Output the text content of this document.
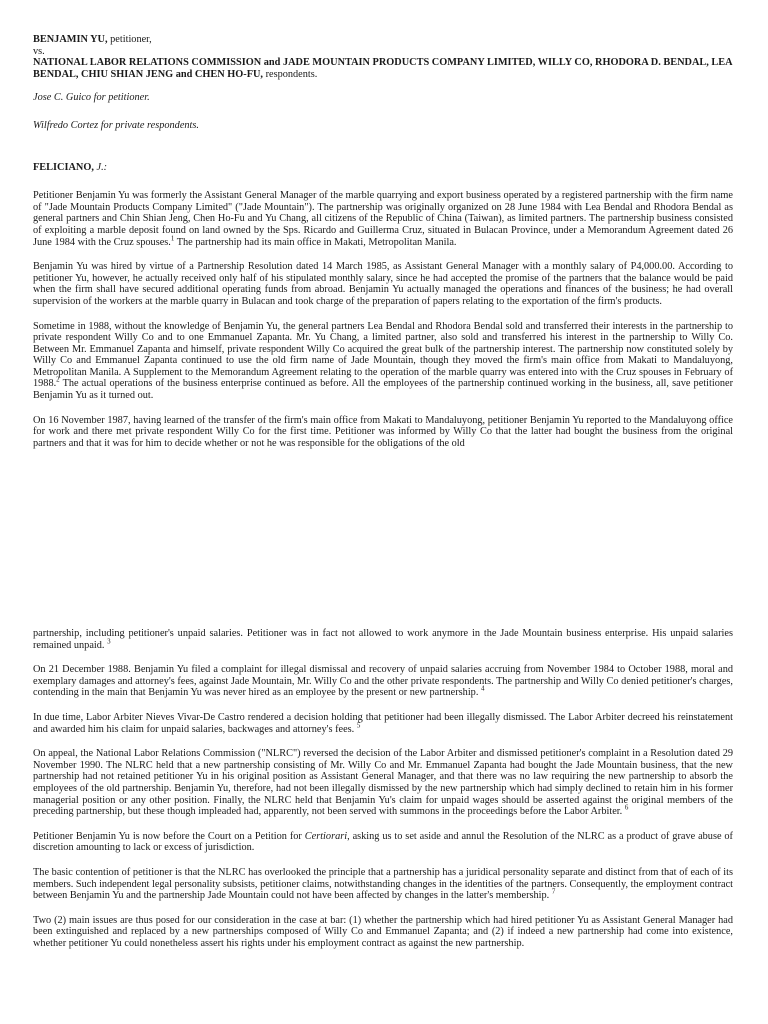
BENJAMIN YU, petitioner,

vs.

NATIONAL LABOR RELATIONS COMMISSION and JADE MOUNTAIN PRODUCTS COMPANY LIMITED, WILLY CO, RHODORA D. BENDAL, LEA BENDAL, CHIU SHIAN JENG and CHEN HO-FU, respondents.

Jose C. Guico for petitioner.

Wilfredo Cortez for private respondents.

FELICIANO, J.:

Petitioner Benjamin Yu was formerly the Assistant General Manager of the marble quarrying and export business operated by a registered partnership with the firm name of "Jade Mountain Products Company Limited" ("Jade Mountain"). The partnership was originally organized on 28 June 1984 with Lea Bendal and Rhodora Bendal as general partners and Chin Shian Jeng, Chen Ho-Fu and Yu Chang, all citizens of the Republic of China (Taiwan), as limited partners. The partnership business consisted of exploiting a marble deposit found on land owned by the Sps. Ricardo and Guillerma Cruz, situated in Bulacan Province, under a Memorandum Agreement dated 26 June 1984 with the Cruz spouses.$^1$ The partnership had its main office in Makati, Metropolitan Manila.

Benjamin Yu was hired by virtue of a Partnership Resolution dated 14 March 1985, as Assistant General Manager with a monthly salary of P4,000.00. According to petitioner Yu, however, he actually received only half of his stipulated monthly salary, since he had accepted the promise of the partners that the balance would be paid when the firm shall have secured additional operating funds from abroad. Benjamin Yu actually managed the operations and finances of the business; he had overall supervision of the workers at the marble quarry in Bulacan and took charge of the preparation of papers relating to the exportation of the firm's products.

Sometime in 1988, without the knowledge of Benjamin Yu, the general partners Lea Bendal and Rhodora Bendal sold and transferred their interests in the partnership to private respondent Willy Co and to one Emmanuel Zapanta. Mr. Yu Chang, a limited partner, also sold and transferred his interest in the partnership to Willy Co. Between Mr. Emmanuel Zapanta and himself, private respondent Willy Co acquired the great bulk of the partnership interest. The partnership now constituted solely by Willy Co and Emmanuel Zapanta continued to use the old firm name of Jade Mountain, though they moved the firm's main office from Makati to Mandaluyong, Metropolitan Manila. A Supplement to the Memorandum Agreement relating to the operation of the marble quarry was entered into with the Cruz spouses in February of 1988.$^2$ The actual operations of the business enterprise continued as before. All the employees of the partnership continued working in the business, all, save petitioner Benjamin Yu as it turned out.

On 16 November 1987, having learned of the transfer of the firm's main office from Makati to Mandaluyong, petitioner Benjamin Yu reported to the Mandaluyong office for work and there met private respondent Willy Co for the first time. Petitioner was informed by Willy Co that the latter had bought the business from the original partners and that it was for him to decide whether or not he was responsible for the obligations of the old

partnership, including petitioner's unpaid salaries. Petitioner was in fact not allowed to work anymore in the Jade Mountain business enterprise. His unpaid salaries remained unpaid. $^3$

On 21 December 1988. Benjamin Yu filed a complaint for illegal dismissal and recovery of unpaid salaries accruing from November 1984 to October 1988, moral and exemplary damages and attorney's fees, against Jade Mountain, Mr. Willy Co and the other private respondents. The partnership and Willy Co denied petitioner's charges, contending in the main that Benjamin Yu was never hired as an employee by the present or new partnership. $^4$

In due time, Labor Arbiter Nieves Vivar-De Castro rendered a decision holding that petitioner had been illegally dismissed. The Labor Arbiter decreed his reinstatement and awarded him his claim for unpaid salaries, backwages and attorney's fees. $^5$

On appeal, the National Labor Relations Commission ("NLRC") reversed the decision of the Labor Arbiter and dismissed petitioner's complaint in a Resolution dated 29 November 1990. The NLRC held that a new partnership consisting of Mr. Willy Co and Mr. Emmanuel Zapanta had bought the Jade Mountain business, that the new partnership had not retained petitioner Yu in his original position as Assistant General Manager, and that there was no law requiring the new partnership to absorb the employees of the old partnership. Benjamin Yu, therefore, had not been illegally dismissed by the new partnership which had simply declined to retain him in his former managerial position or any other position. Finally, the NLRC held that Benjamin Yu's claim for unpaid wages should be asserted against the original members of the preceding partnership, but these though impleaded had, apparently, not been served with summons in the proceedings before the Labor Arbiter. $^6$

Petitioner Benjamin Yu is now before the Court on a Petition for Certiorari, asking us to set aside and annul the Resolution of the NLRC as a product of grave abuse of discretion amounting to lack or excess of jurisdiction.

The basic contention of petitioner is that the NLRC has overlooked the principle that a partnership has a juridical personality separate and distinct from that of each of its members. Such independent legal personality subsists, petitioner claims, notwithstanding changes in the identities of the partners. Consequently, the employment contract between Benjamin Yu and the partnership Jade Mountain could not have been affected by changes in the latter's membership. $^7$

Two (2) main issues are thus posed for our consideration in the case at bar: (1) whether the partnership which had hired petitioner Yu as Assistant General Manager had been extinguished and replaced by a new partnerships composed of Willy Co and Emmanuel Zapanta; and (2) if indeed a new partnership had come into existence, whether petitioner Yu could nonetheless assert his rights under his employment contract as against the new partnership.
